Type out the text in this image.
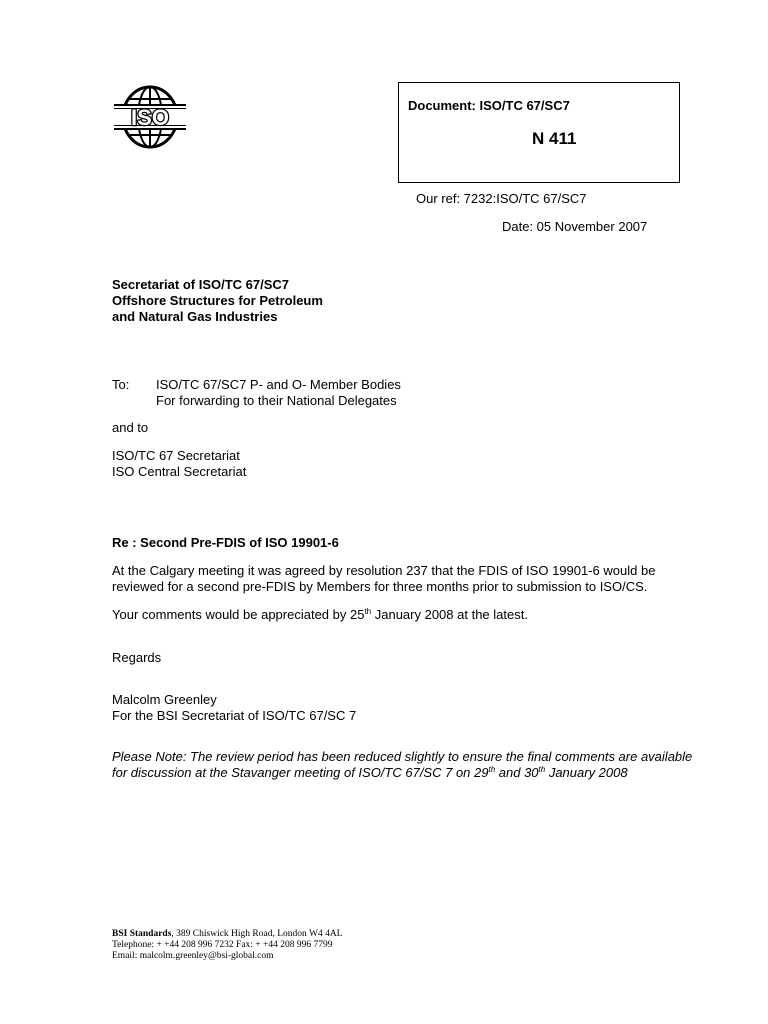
ISO	Document: ISO/TC 67/SC7
N 411
Our ref: 7232:ISO/TC 67/SC7
Date: 05 November 2007
Secretariat of ISO/TC 67/SC7
Offshore Structures for Petroleum
and Natural Gas Industries
To: ISO/TC 67/SC7 P- and O- Member Bodies
For forwarding to their National Delegates
and to
ISO/TC 67 Secretariat
ISO Central Secretariat
Re : Second Pre-FDIS of ISO 19901-6
At the Calgary meeting it was agreed by resolution 237 that the FDIS of ISO 19901-6 would be
reviewed for a second pre-FDIS by Members for three months prior to submission to ISO/CS.
Your comments would be appreciated by 25th January 2008 at the latest.
Regards
Malcolm Greenley
For the BSI Secretariat of ISO/TC 67/SC 7
Please Note: The review period has been reduced slightly to ensure the final comments are available
for discussion at the Stavanger meeting of ISO/TC 67/SC 7 on 29th and 30th January 2008
BSI Standards, 389 Chiswick High Road, London W4 4AL
Telephone: + +44 208 996 7232 Fax: + +44 208 996 7799
Email: malcolm.greenley@bsi-global.com
